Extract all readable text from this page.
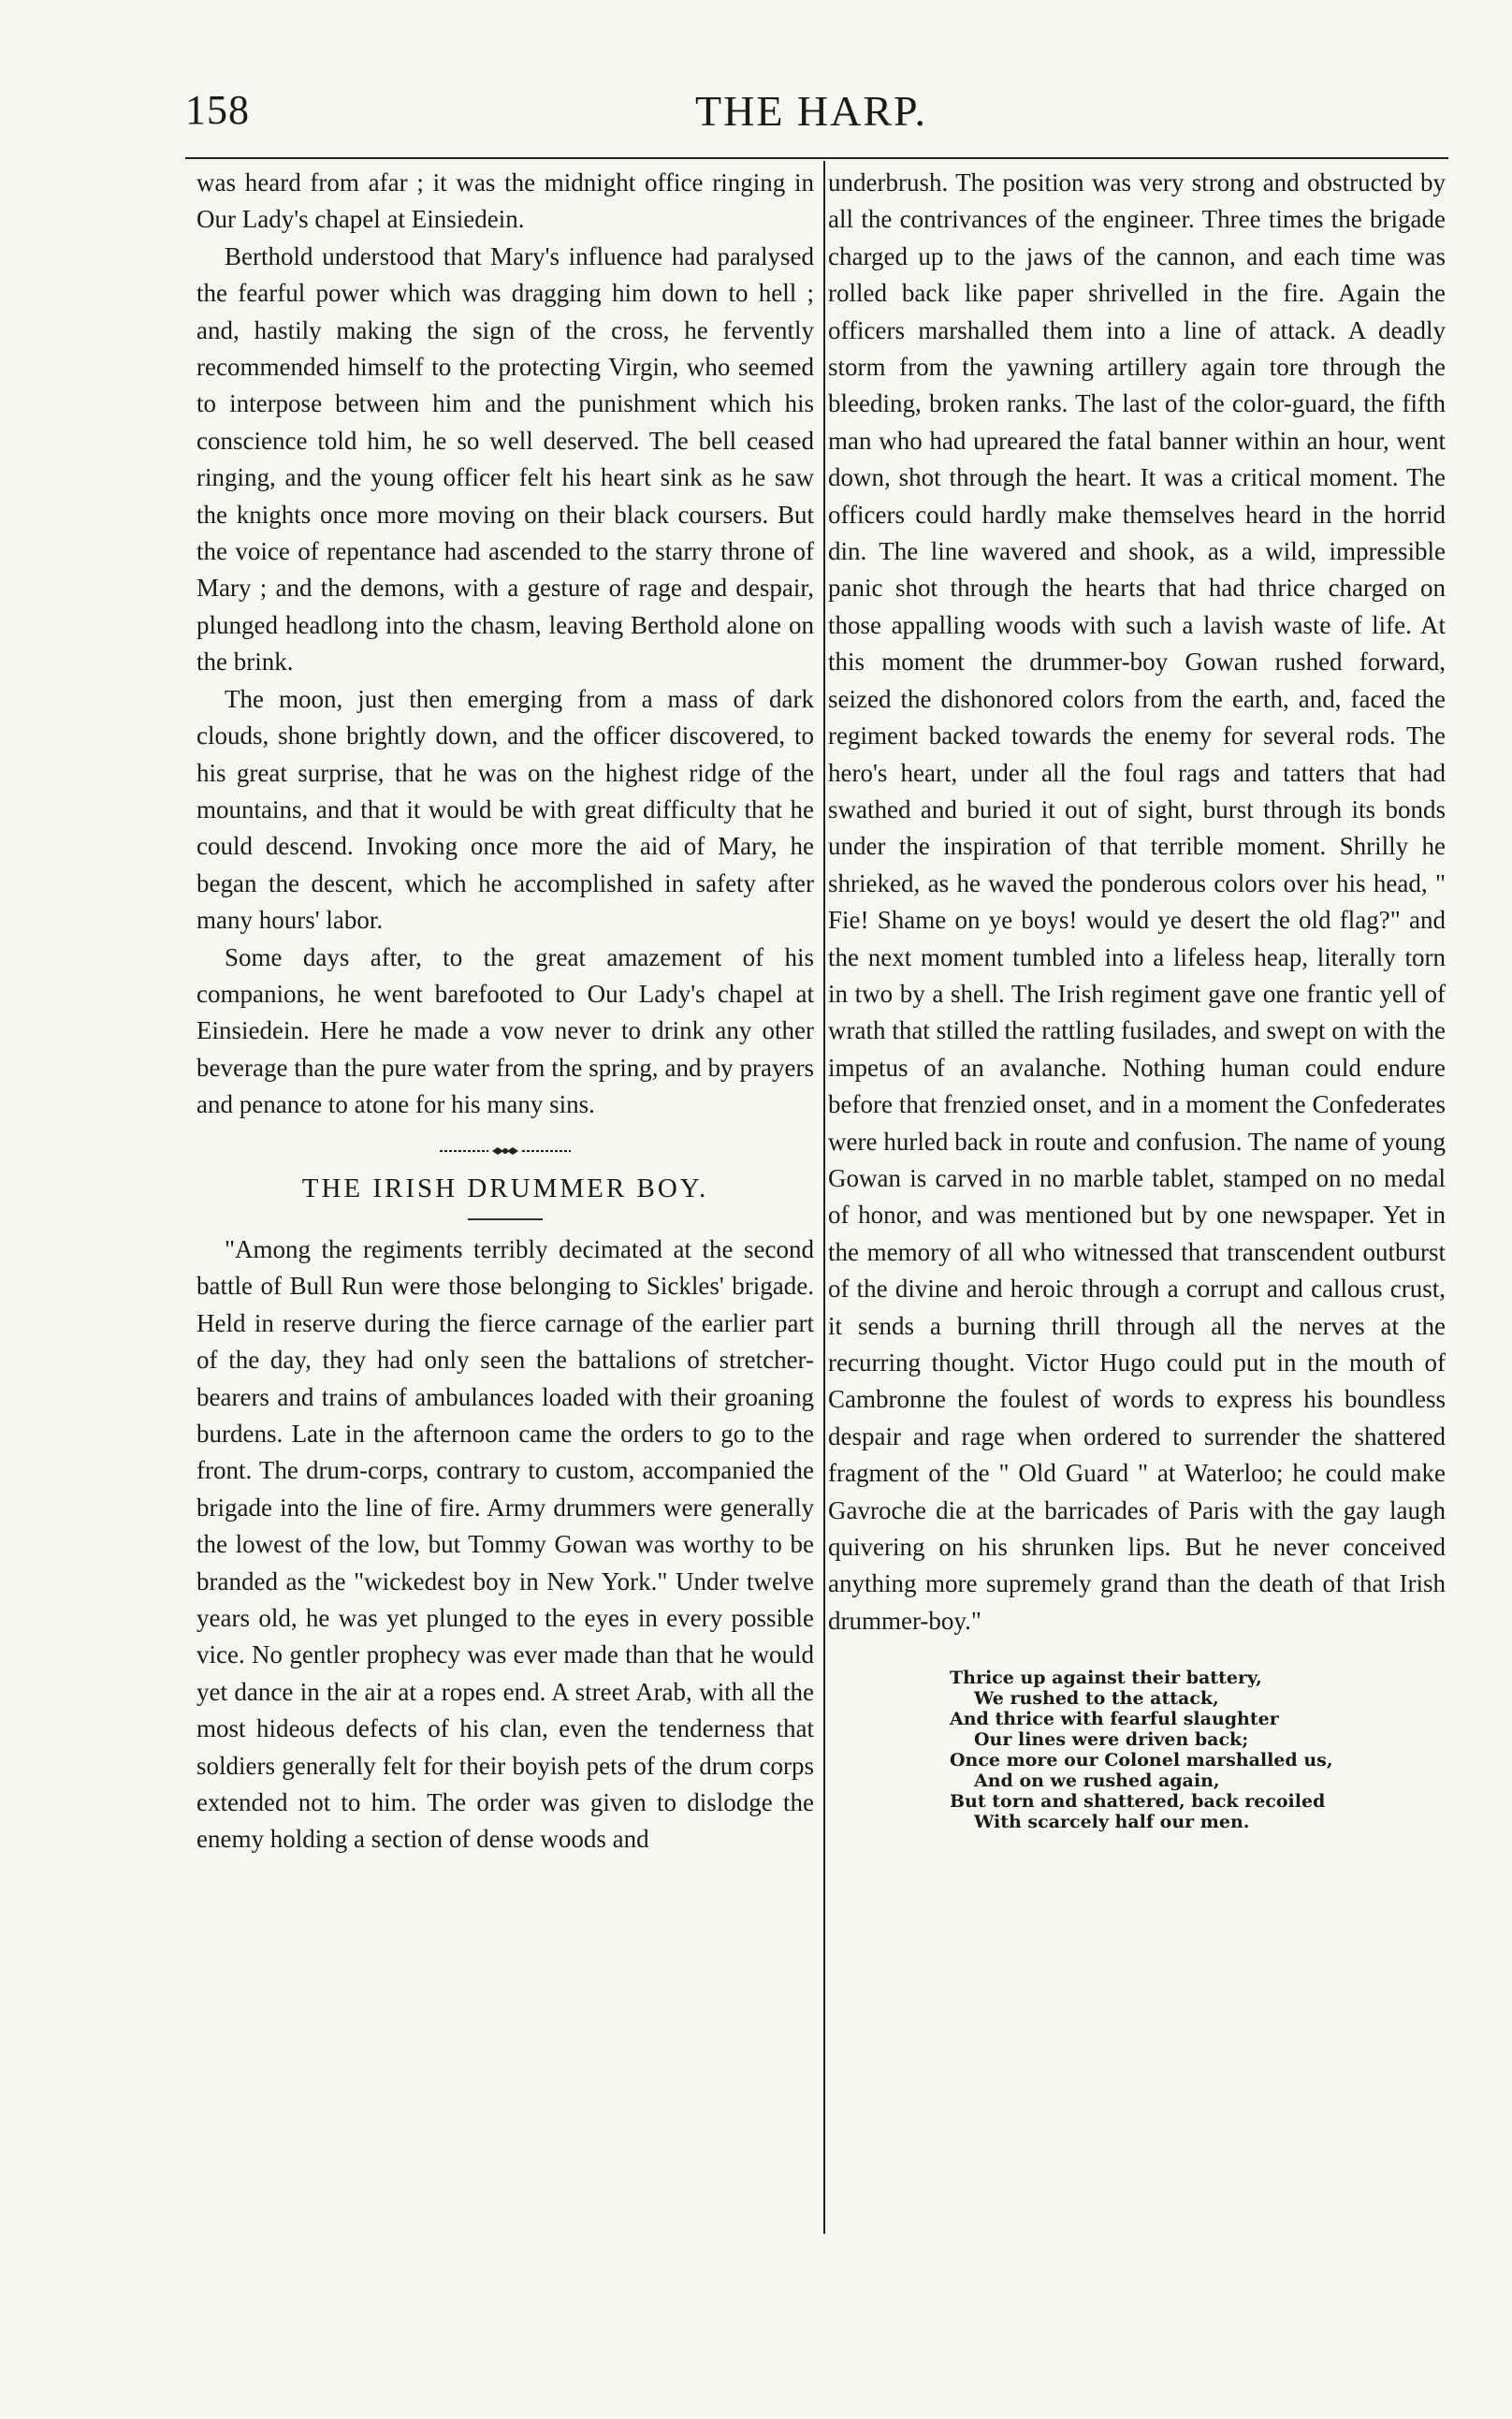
158	THE HARP.

was heard from afar ; it was the midnight office ringing in Our Lady's chapel at Einsiedein.

Berthold understood that Mary's influence had paralysed the fearful power which was dragging him down to hell ; and, hastily making the sign of the cross, he fervently recommended himself to the protecting Virgin, who seemed to interpose between him and the punishment which his conscience told him, he so well deserved. The bell ceased ringing, and the young officer felt his heart sink as he saw the knights once more moving on their black coursers. But the voice of repentance had ascended to the starry throne of Mary ; and the demons, with a gesture of rage and despair, plunged headlong into the chasm, leaving Berthold alone on the brink.

The moon, just then emerging from a mass of dark clouds, shone brightly down, and the officer discovered, to his great surprise, that he was on the highest ridge of the mountains, and that it would be with great difficulty that he could descend. Invoking once more the aid of Mary, he began the descent, which he accomplished in safety after many hours' labor.

Some days after, to the great amazement of his companions, he went barefooted to Our Lady's chapel at Einsiedein. Here he made a vow never to drink any other beverage than the pure water from the spring, and by prayers and penance to atone for his many sins.

THE IRISH DRUMMER BOY.

"Among the regiments terribly decimated at the second battle of Bull Run were those belonging to Sickles' brigade. Held in reserve during the fierce carnage of the earlier part of the day, they had only seen the battalions of stretcher-bearers and trains of ambulances loaded with their groaning burdens. Late in the afternoon came the orders to go to the front. The drum-corps, contrary to custom, accompanied the brigade into the line of fire. Army drummers were generally the lowest of the low, but Tommy Gowan was worthy to be branded as the "wickedest boy in New York." Under twelve years old, he was yet plunged to the eyes in every possible vice. No gentler prophecy was ever made than that he would yet dance in the air at a ropes end. A street Arab, with all the most hideous defects of his clan, even the tenderness that soldiers generally felt for their boyish pets of the drum corps extended not to him. The order was given to dislodge the enemy holding a section of dense woods and

underbrush. The position was very strong and obstructed by all the contrivances of the engineer. Three times the brigade charged up to the jaws of the cannon, and each time was rolled back like paper shrivelled in the fire. Again the officers marshalled them into a line of attack. A deadly storm from the yawning artillery again tore through the bleeding, broken ranks. The last of the color-guard, the fifth man who had upreared the fatal banner within an hour, went down, shot through the heart. It was a critical moment. The officers could hardly make themselves heard in the horrid din. The line wavered and shook, as a wild, impressible panic shot through the hearts that had thrice charged on those appalling woods with such a lavish waste of life. At this moment the drummer-boy Gowan rushed forward, seized the dishonored colors from the earth, and, faced the regiment backed towards the enemy for several rods. The hero's heart, under all the foul rags and tatters that had swathed and buried it out of sight, burst through its bonds under the inspiration of that terrible moment. Shrilly he shrieked, as he waved the ponderous colors over his head, " Fie! Shame on ye boys! would ye desert the old flag?" and the next moment tumbled into a lifeless heap, literally torn in two by a shell. The Irish regiment gave one frantic yell of wrath that stilled the rattling fusilades, and swept on with the impetus of an avalanche. Nothing human could endure before that frenzied onset, and in a moment the Confederates were hurled back in route and confusion. The name of young Gowan is carved in no marble tablet, stamped on no medal of honor, and was mentioned but by one newspaper. Yet in the memory of all who witnessed that transcendent outburst of the divine and heroic through a corrupt and callous crust, it sends a burning thrill through all the nerves at the recurring thought. Victor Hugo could put in the mouth of Cambronne the foulest of words to express his boundless despair and rage when ordered to surrender the shattered fragment of the " Old Guard " at Waterloo; he could make Gavroche die at the barricades of Paris with the gay laugh quivering on his shrunken lips. But he never conceived anything more supremely grand than the death of that Irish drummer-boy."

Thrice up against their battery,
We rushed to the attack,
And thrice with fearful slaughter
Our lines were driven back;
Once more our Colonel marshalled us,
And on we rushed again,
But torn and shattered, back recoiled
With scarcely half our men.
